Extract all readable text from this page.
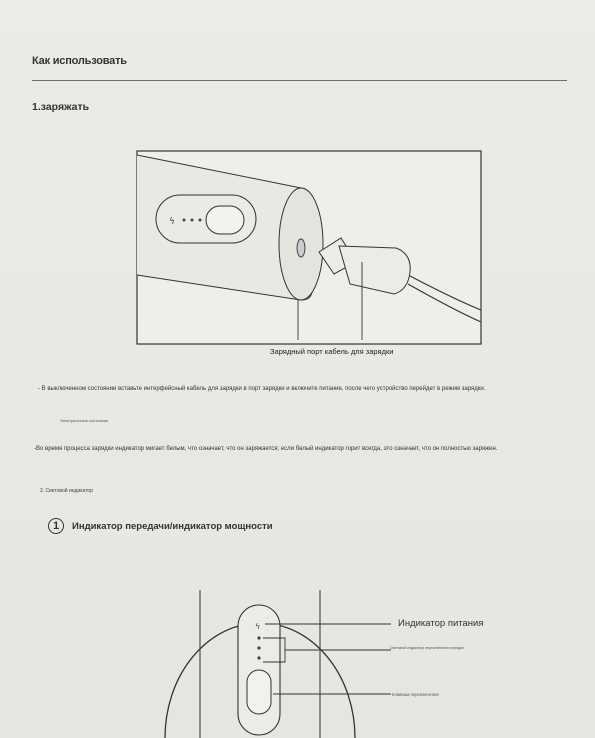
Как использовать
1.заряжать
ϟ
Зарядный порт кабель для зарядки
- В выключенном состоянии вставьте интерфейсный кабель для зарядки в порт зарядки и включите питание, после чего устройство перейдет в режим зарядки.
Электрическое состояние
-Во время процесса зарядки индикатор мигает белым, что означает, что он заряжается; если белый индикатор горит всегда, это означает, что он полностью заряжен.
2. Световой индикатор
1	Индикатор передачи/индикатор мощности
ϟ	Индикатор питания
Световой индикатор переключения передач
Клавиша переключения
